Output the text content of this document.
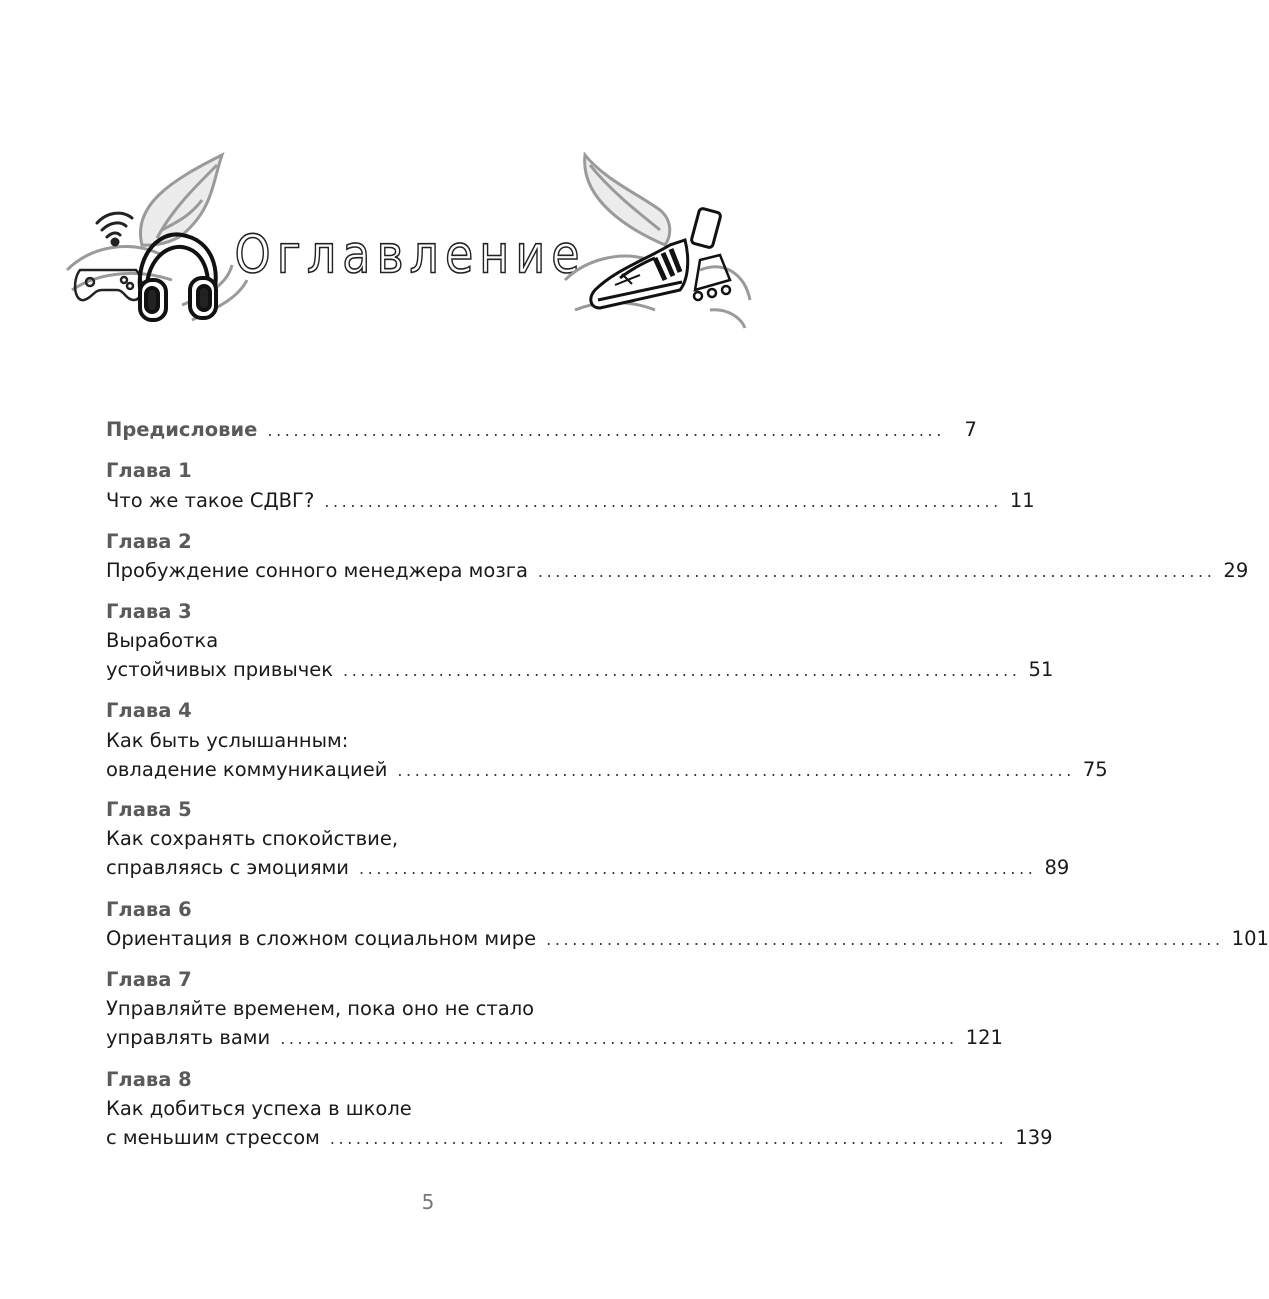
Оглавление
Предисловие ..............................................................................	7
Глава 1
Что же такое СДВГ? .............................................................................. 11
Глава 2
Пробуждение сонного менеджера мозга .............................................................................. 29
Глава 3
Выработка
устойчивых привычек .............................................................................. 51
Глава 4
Как быть услышанным:
овладение коммуникацией .............................................................................. 75
Глава 5
Как сохранять спокойствие,
справляясь с эмоциями .............................................................................. 89
Глава 6
Ориентация в сложном социальном мире .............................................................................. 101
Глава 7
Управляйте временем, пока оно не стало
управлять вами .............................................................................. 121
Глава 8
Как добиться успеха в школе
с меньшим стрессом .............................................................................. 139
5
